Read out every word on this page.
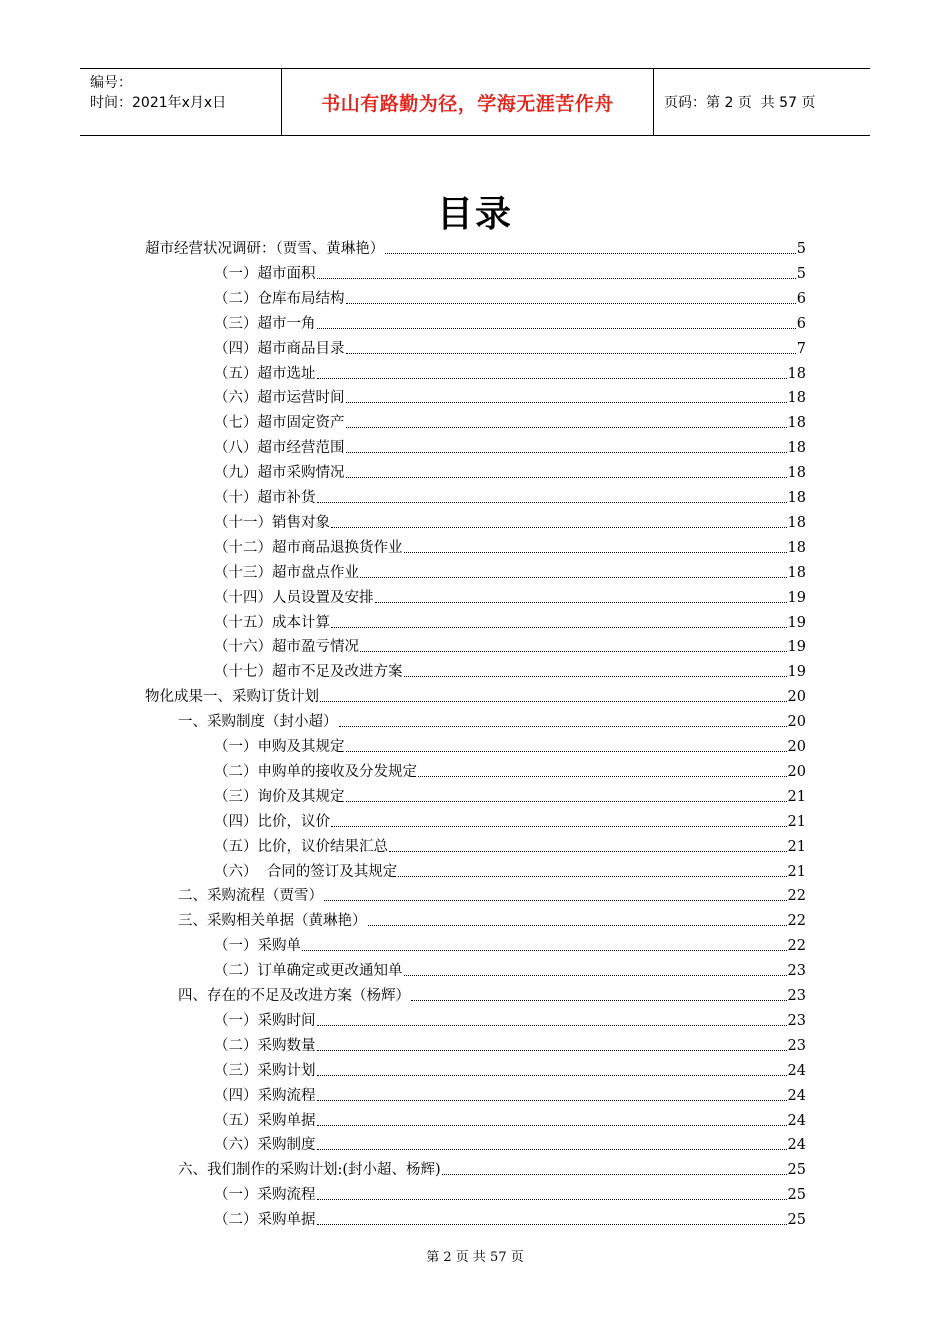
编号：
时间：2021年x月x日	书山有路勤为径，学海无涯苦作舟	页码：第 2 页  共 57 页
目录
超市经营状况调研：（贾雪、黄琳艳）	5
（一）超市面积	5
（二）仓库布局结构	6
（三）超市一角	6
（四）超市商品目录	7
（五）超市选址	18
（六）超市运营时间	18
（七）超市固定资产	18
（八）超市经营范围	18
（九）超市采购情况	18
（十）超市补货	18
（十一）销售对象	18
（十二）超市商品退换货作业	18
（十三）超市盘点作业	18
（十四）人员设置及安排	19
（十五）成本计算	19
（十六）超市盈亏情况	19
（十七）超市不足及改进方案	19
物化成果一、采购订货计划	20
一、采购制度（封小超）	20
（一）申购及其规定	20
（二）申购单的接收及分发规定	20
（三）询价及其规定	21
（四）比价，议价	21
（五）比价，议价结果汇总	21
（六）  合同的签订及其规定	21
二、采购流程（贾雪）	22
三、采购相关单据（黄琳艳）	22
（一）采购单	22
（二）订单确定或更改通知单	23
四、存在的不足及改进方案（杨辉）	23
（一）采购时间	23
（二）采购数量	23
（三）采购计划	24
（四）采购流程	24
（五）采购单据	24
（六）采购制度	24
六、我们制作的采购计划:(封小超、杨辉)	25
（一）采购流程	25
（二）采购单据	25
第 2 页 共 57 页
